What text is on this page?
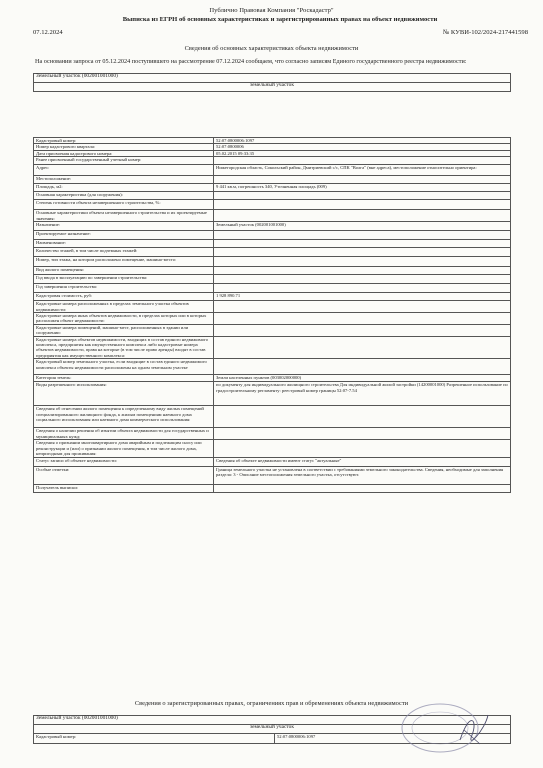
Публично Правовая Компания "Роскадастр"
Выписка из ЕГРН об основных характеристиках и зарегистрированных правах на объект недвижимости
07.12.2024	№ КУВИ-102/2024-217441598
Сведения об основных характеристиках объекта недвижимости
На основании запроса от 05.12.2024 поступившего на рассмотрение 07.12.2024 сообщаем, что согласно записям Единого государственного реестра недвижимости:
Земельный участок (002001001000)
земельный участок
Кадастровый номер:	52:07:0800006:1097
Номер кадастрового квартала:	52:07:0800006
Дата присвоения кадастрового номера:	05.02.2015 09:33:35
Ранее присвоенный государственный учетный номер:	
Адрес:	Нижегородская область, Сокольский район, Дмитриевский с/с, СПК "Волга" (вне адреса), местоположение относительно ориентира:
Местоположение:	
Площадь, м2:	9 441 кв.м, погрешность 340, Уточненная площадь (009)
Основная характеристика (для сооружения):	
Степень готовности объекта незавершенного строительства, %:	
Основные характеристики объекта незавершенного строительства и их проектируемые значения:	
Назначение:	Земельный участок (002001001000)
Проектируемое назначение:	
Наименование:	
Количество этажей, в том числе подземных этажей:	
Номер, тип этажа, на котором расположено помещение, машино-место:	
Вид жилого помещения:	
Год ввода в эксплуатацию по завершении строительства:	
Год завершения строительства:	
Кадастровая стоимость, руб:	1 928 890.71
Кадастровые номера расположенных в пределах земельного участка объектов недвижимости:	
Кадастровые номера иных объектов недвижимости, в пределах которых или в которых расположен объект недвижимости:	
Кадастровые номера помещений, машино-мест, расположенных в здании или сооружении:	
Кадастровые номера объектов недвижимости, входящих в состав единого недвижимого комплекса, предприятия как имущественного комплекса либо кадастровые номера объектов недвижимости, права на которые (в том числе право аренды) входят в состав предприятия как имущественного комплекса:	
Кадастровый номер земельного участка, если входящие в состав единого недвижимого комплекса объекты недвижимости расположены на одном земельном участке	
Категория земель:	Земли населенных пунктов (003002000000)
Виды разрешенного использования:	по документу для индивидуального жилищного строительства Для индивидуальной жилой застройки (14200001000) Разрешенное использование по градостроительному регламенту: реестровый номер границы 52:07-7.54
Сведения об отнесении жилого помещения к определенному виду жилых помещений специализированного жилищного фонда, к жилым помещениям наемного дома социального использования или наемного дома коммерческого использования:	
Сведения о наличии решения об изъятии объекта недвижимости для государственных и муниципальных нужд:	
Сведения о признании многоквартирного дома аварийным и подлежащим сносу или реконструкции и (или) о признании жилого помещения, в том числе жилого дома, непригодным для проживания:	
Статус записи об объекте недвижимости:	Сведения об объекте недвижимости имеют статус "актуальные"
Особые отметки:	Граница земельного участка не установлена в соответствии с требованиями земельного законодательства. Сведения, необходимые для заполнения раздела: 3 - Описание местоположения земельного участка, отсутствуют.
Получатель выписки:	
Сведения о зарегистрированных правах, ограничениях прав и обременениях объекта недвижимости
Земельный участок (002001001000)
земельный участок
Кадастровый номер:	52:07:0800006:1097
